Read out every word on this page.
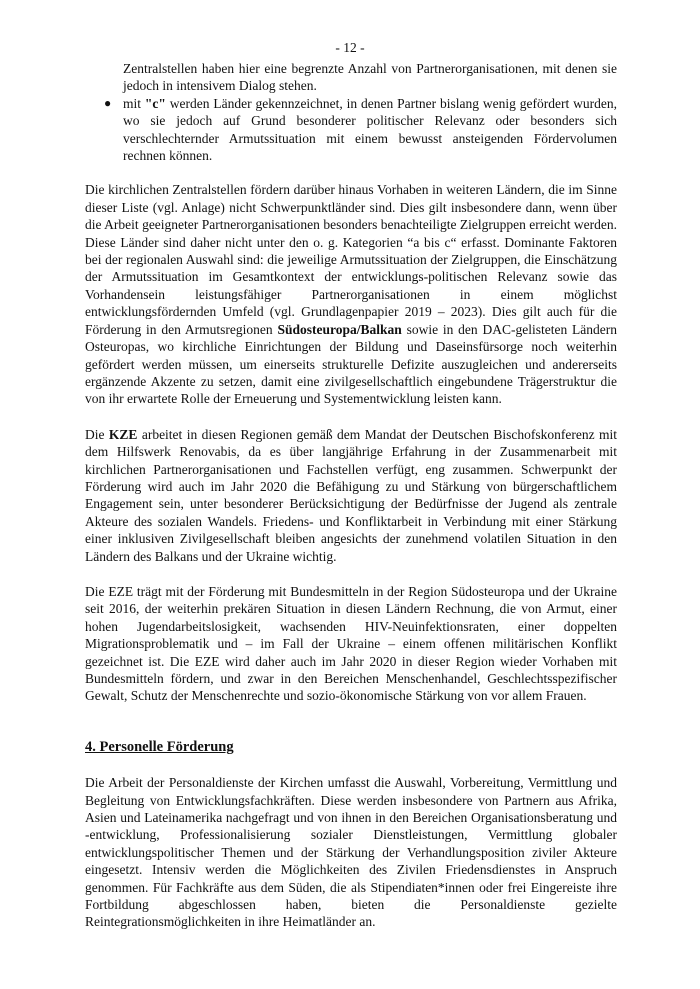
- 12 -

Zentralstellen haben hier eine begrenzte Anzahl von Partnerorganisationen, mit denen sie jedoch in intensivem Dialog stehen.

● mit "c" werden Länder gekennzeichnet, in denen Partner bislang wenig gefördert wurden, wo sie jedoch auf Grund besonderer politischer Relevanz oder besonders sich verschlechternder Armutssituation mit einem bewusst ansteigenden Fördervolumen rechnen können.

Die kirchlichen Zentralstellen fördern darüber hinaus Vorhaben in weiteren Ländern, die im Sinne dieser Liste (vgl. Anlage) nicht Schwerpunktländer sind. Dies gilt insbesondere dann, wenn über die Arbeit geeigneter Partnerorganisationen besonders benachteiligte Zielgruppen erreicht werden. Diese Länder sind daher nicht unter den o. g. Kategorien “a bis c“ erfasst. Dominante Faktoren bei der regionalen Auswahl sind: die jeweilige Armutssituation der Zielgruppen, die Einschätzung der Armutssituation im Gesamtkontext der entwicklungs-politischen Relevanz sowie das Vorhandensein leistungsfähiger Partnerorganisationen in einem möglichst entwicklungsfördernden Umfeld (vgl. Grundlagenpapier 2019 – 2023). Dies gilt auch für die Förderung in den Armutsregionen Südosteuropa/Balkan sowie in den DAC-gelisteten Ländern Osteuropas, wo kirchliche Einrichtungen der Bildung und Daseinsfürsorge noch weiterhin gefördert werden müssen, um einerseits strukturelle Defizite auszugleichen und andererseits ergänzende Akzente zu setzen, damit eine zivilgesellschaftlich eingebundene Trägerstruktur die von ihr erwartete Rolle der Erneuerung und Systementwicklung leisten kann.

Die KZE arbeitet in diesen Regionen gemäß dem Mandat der Deutschen Bischofskonferenz mit dem Hilfswerk Renovabis, da es über langjährige Erfahrung in der Zusammenarbeit mit kirchlichen Partnerorganisationen und Fachstellen verfügt, eng zusammen. Schwerpunkt der Förderung wird auch im Jahr 2020 die Befähigung zu und Stärkung von bürgerschaftlichem Engagement sein, unter besonderer Berücksichtigung der Bedürfnisse der Jugend als zentrale Akteure des sozialen Wandels. Friedens- und Konfliktarbeit in Verbindung mit einer Stärkung einer inklusiven Zivilgesellschaft bleiben angesichts der zunehmend volatilen Situation in den Ländern des Balkans und der Ukraine wichtig.

Die EZE trägt mit der Förderung mit Bundesmitteln in der Region Südosteuropa und der Ukraine seit 2016, der weiterhin prekären Situation in diesen Ländern Rechnung, die von Armut, einer hohen Jugendarbeitslosigkeit, wachsenden HIV-Neuinfektionsraten, einer doppelten Migrationsproblematik und – im Fall der Ukraine – einem offenen militärischen Konflikt gezeichnet ist. Die EZE wird daher auch im Jahr 2020 in dieser Region wieder Vorhaben mit Bundesmitteln fördern, und zwar in den Bereichen Menschenhandel, Geschlechtsspezifischer Gewalt, Schutz der Menschenrechte und sozio-ökonomische Stärkung von vor allem Frauen.

4. Personelle Förderung

Die Arbeit der Personaldienste der Kirchen umfasst die Auswahl, Vorbereitung, Vermittlung und Begleitung von Entwicklungsfachkräften. Diese werden insbesondere von Partnern aus Afrika, Asien und Lateinamerika nachgefragt und von ihnen in den Bereichen Organisationsberatung und -entwicklung, Professionalisierung sozialer Dienstleistungen, Vermittlung globaler entwicklungspolitischer Themen und der Stärkung der Verhandlungsposition ziviler Akteure eingesetzt. Intensiv werden die Möglichkeiten des Zivilen Friedensdienstes in Anspruch genommen. Für Fachkräfte aus dem Süden, die als Stipendiaten*innen oder frei Eingereiste ihre Fortbildung abgeschlossen haben, bieten die Personaldienste gezielte Reintegrationsmöglichkeiten in ihre Heimatländer an.
